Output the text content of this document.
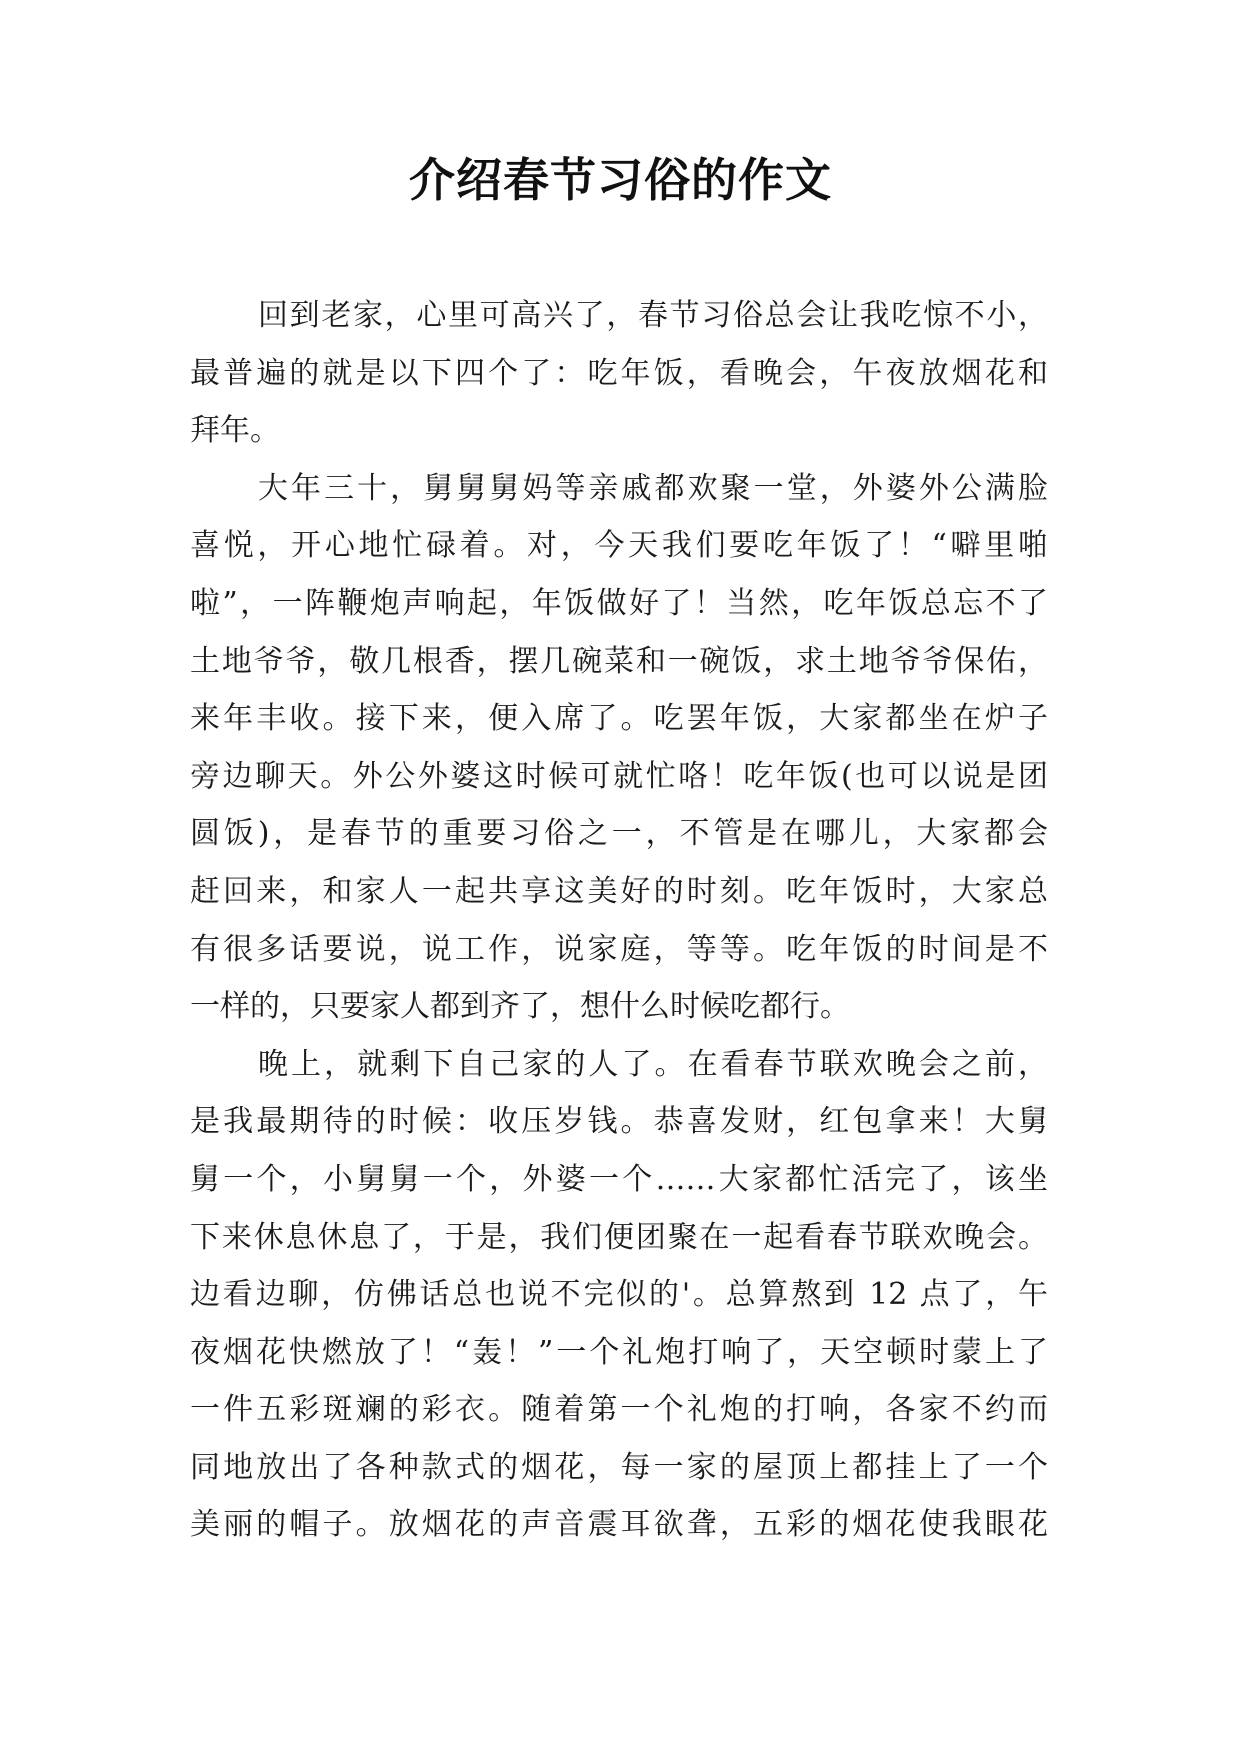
介绍春节习俗的作文
回到老家，心里可高兴了，春节习俗总会让我吃惊不小，
最普遍的就是以下四个了：吃年饭，看晚会，午夜放烟花和
拜年。
大年三十，舅舅舅妈等亲戚都欢聚一堂，外婆外公满脸
喜悦，开心地忙碌着。对，今天我们要吃年饭了！“噼里啪
啦”，一阵鞭炮声响起，年饭做好了！当然，吃年饭总忘不了
土地爷爷，敬几根香，摆几碗菜和一碗饭，求土地爷爷保佑，
来年丰收。接下来，便入席了。吃罢年饭，大家都坐在炉子
旁边聊天。外公外婆这时候可就忙咯！吃年饭(也可以说是团
圆饭)，是春节的重要习俗之一，不管是在哪儿，大家都会
赶回来，和家人一起共享这美好的时刻。吃年饭时，大家总
有很多话要说，说工作，说家庭，等等。吃年饭的时间是不
一样的，只要家人都到齐了，想什么时候吃都行。
晚上，就剩下自己家的人了。在看春节联欢晚会之前，
是我最期待的时候：收压岁钱。恭喜发财，红包拿来！大舅
舅一个，小舅舅一个，外婆一个……大家都忙活完了，该坐
下来休息休息了，于是，我们便团聚在一起看春节联欢晚会。
边看边聊，仿佛话总也说不完似的'。总算熬到 12 点了，午
夜烟花快燃放了！“轰！”一个礼炮打响了，天空顿时蒙上了
一件五彩斑斓的彩衣。随着第一个礼炮的打响，各家不约而
同地放出了各种款式的烟花，每一家的屋顶上都挂上了一个
美丽的帽子。放烟花的声音震耳欲聋，五彩的烟花使我眼花
